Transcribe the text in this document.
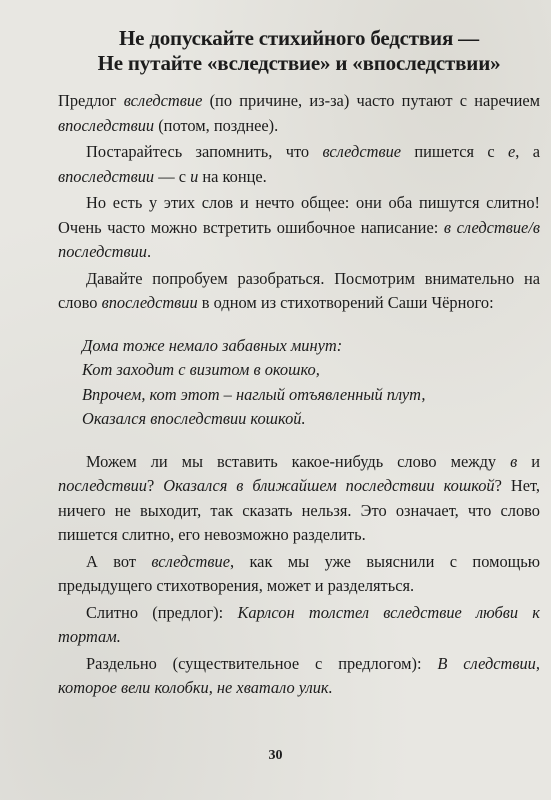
Не допускайте стихийного бедствия —
Не путайте «вследствие» и «впоследствии»

Предлог вследствие (по причине, из-за) часто путают с наречием впоследствии (потом, позднее).

Постарайтесь запомнить, что вследствие пишется с е, а впоследствии — с и на конце.

Но есть у этих слов и нечто общее: они оба пишутся слитно! Очень часто можно встретить ошибочное написание: в следствие/в последствии.

Давайте попробуем разобраться. Посмотрим внимательно на слово впоследствии в одном из стихотворений Саши Чёрного:

Дома тоже немало забавных минут:
Кот заходит с визитом в окошко,
Впрочем, кот этот – наглый отъявленный плут,
Оказался впоследствии кошкой.

Можем ли мы вставить какое-нибудь слово между в и последствии? Оказался в ближайшем последствии кошкой? Нет, ничего не выходит, так сказать нельзя. Это означает, что слово пишется слитно, его невозможно разделить.

А вот вследствие, как мы уже выяснили с помощью предыдущего стихотворения, может и разделяться.

Слитно (предлог): Карлсон толстел вследствие любви к тортам.

Раздельно (существительное с предлогом): В следствии, которое вели колобки, не хватало улик.

30
